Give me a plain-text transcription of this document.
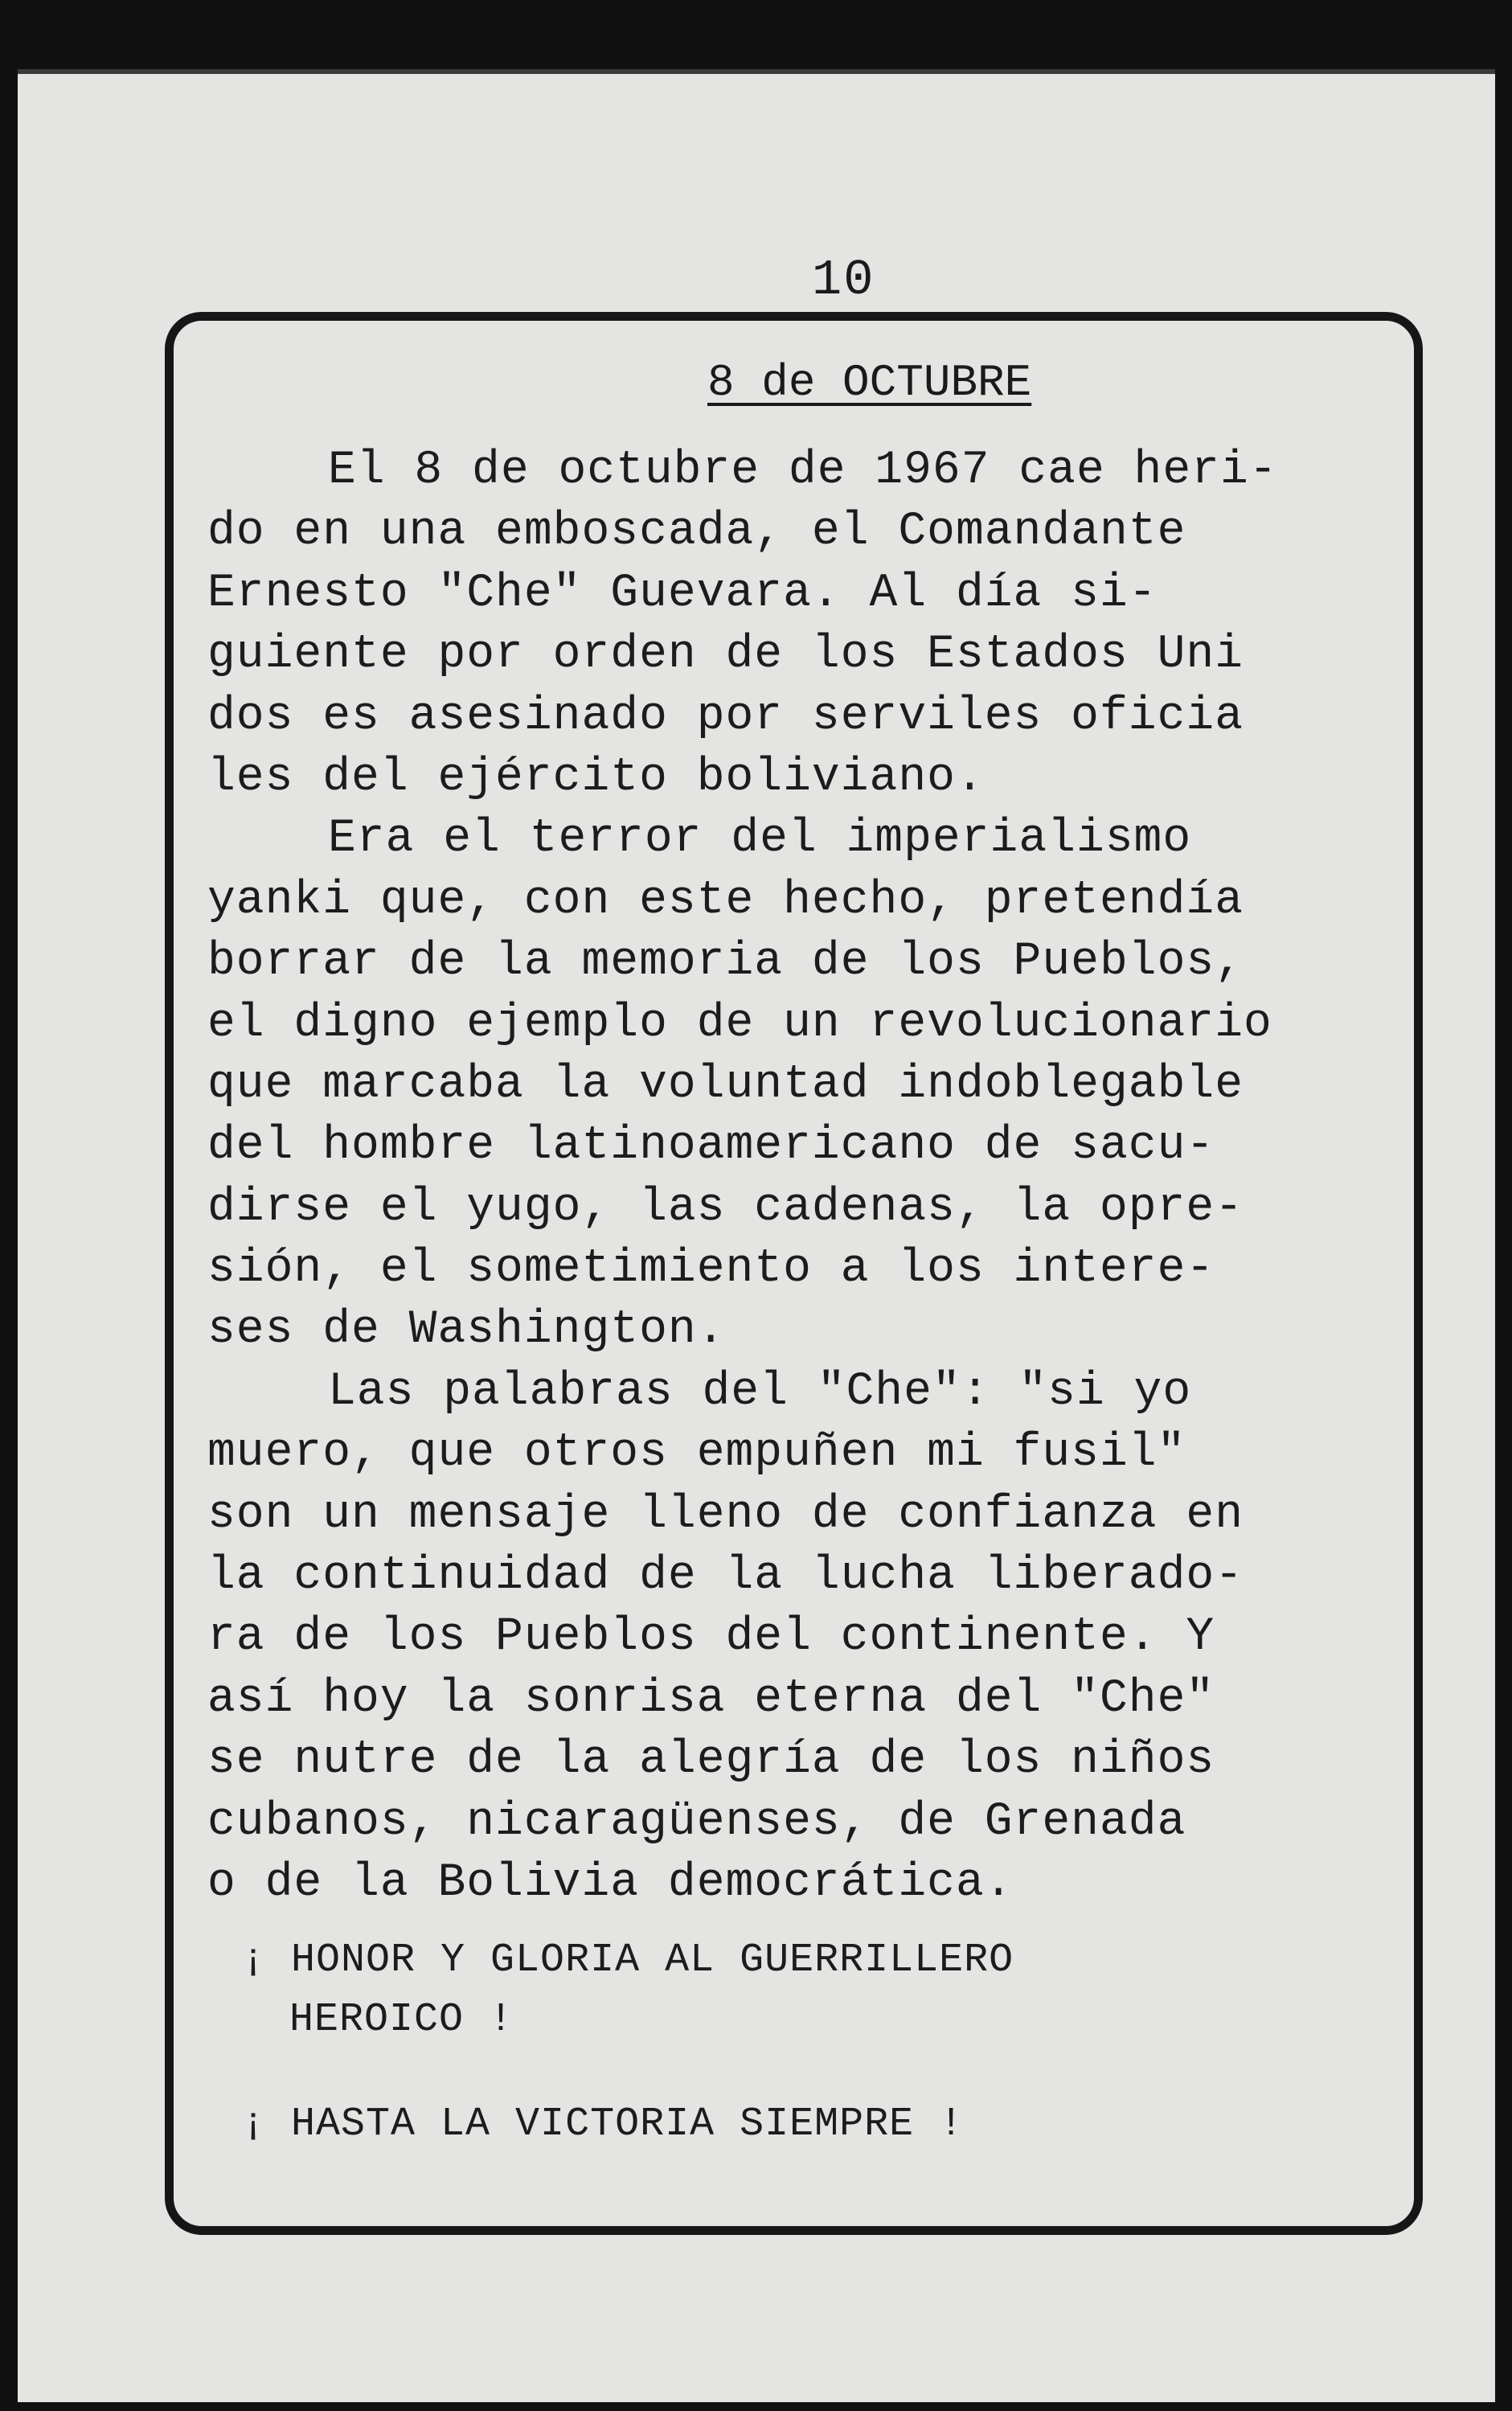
10
8 de OCTUBRE
El 8 de octubre de 1967 cae heri-
do en una emboscada, el Comandante
Ernesto "Che" Guevara. Al día si-
guiente por orden de los Estados Uni
dos es asesinado por serviles oficia
les del ejército boliviano.
Era el terror del imperialismo
yanki que, con este hecho, pretendía
borrar de la memoria de los Pueblos,
el digno ejemplo de un revolucionario
que marcaba la voluntad indoblegable
del hombre latinoamericano de sacu-
dirse el yugo, las cadenas, la opre-
sión, el sometimiento a los intere-
ses de Washington.
Las palabras del "Che": "si yo
muero, que otros empuñen mi fusil"
son un mensaje lleno de confianza en
la continuidad de la lucha liberado-
ra de los Pueblos del continente. Y
así hoy la sonrisa eterna del "Che"
se nutre de la alegría de los niños
cubanos, nicaragüenses, de Grenada
o de la Bolivia democrática.
¡ HONOR Y GLORIA AL GUERRILLERO
HEROICO !
¡ HASTA LA VICTORIA SIEMPRE !
